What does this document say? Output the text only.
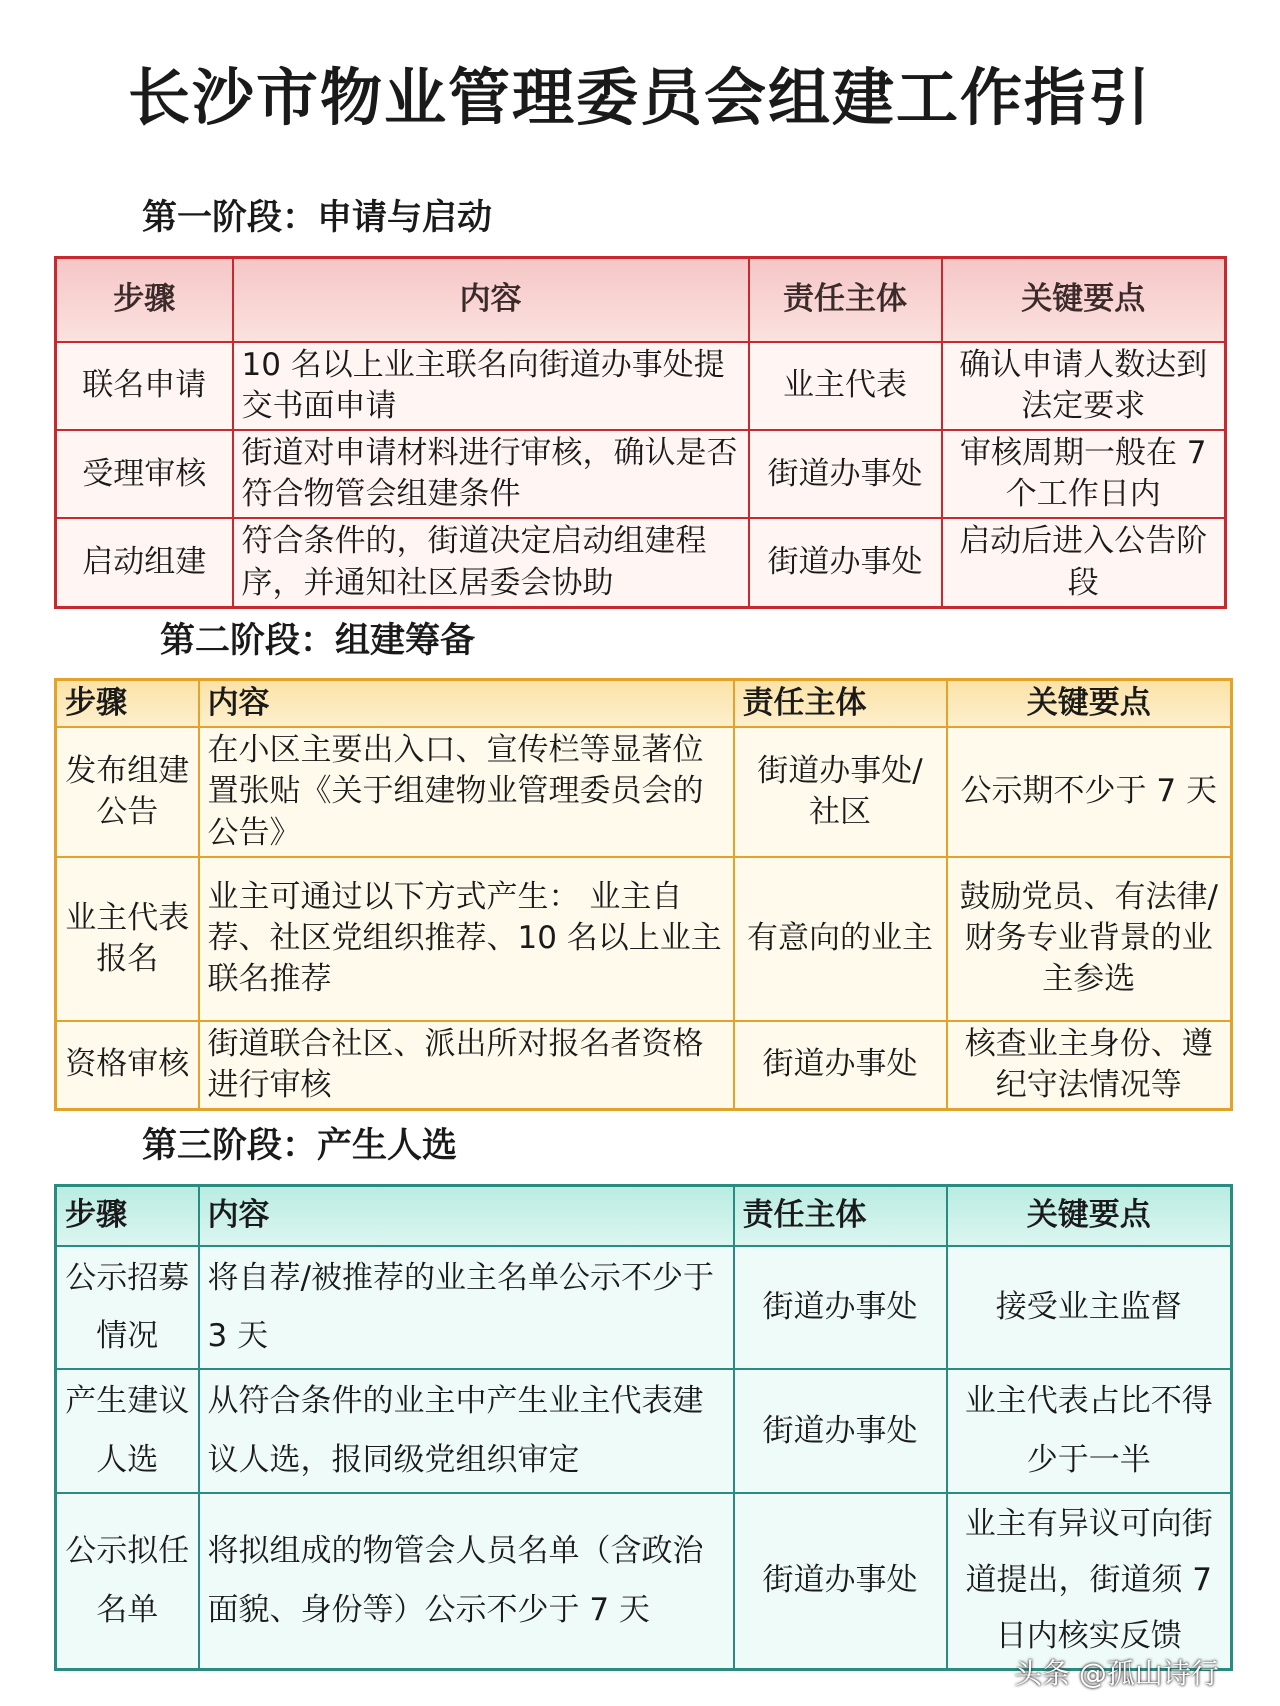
长沙市物业管理委员会组建工作指引
第一阶段：申请与启动
步骤	内容	责任主体	关键要点
联名申请	10 名以上业主联名向街道办事处提交书面申请	业主代表	确认申请人数达到法定要求
受理审核	街道对申请材料进行审核，确认是否符合物管会组建条件	街道办事处	审核周期一般在 7 个工作日内
启动组建	符合条件的，街道决定启动组建程序，并通知社区居委会协助	街道办事处	启动后进入公告阶段
第二阶段：组建筹备
步骤	内容	责任主体	关键要点
发布组建公告	在小区主要出入口、宣传栏等显著位置张贴《关于组建物业管理委员会的公告》	街道办事处/社区	公示期不少于 7 天
业主代表报名	业主可通过以下方式产生： 业主自荐、社区党组织推荐、10 名以上业主联名推荐	有意向的业主	鼓励党员、有法律/财务专业背景的业主参选
资格审核	街道联合社区、派出所对报名者资格进行审核	街道办事处	核查业主身份、遵纪守法情况等
第三阶段：产生人选
步骤	内容	责任主体	关键要点
公示招募情况	将自荐/被推荐的业主名单公示不少于 3 天	街道办事处	接受业主监督
产生建议人选	从符合条件的业主中产生业主代表建议人选，报同级党组织审定	街道办事处	业主代表占比不得少于一半
公示拟任名单	将拟组成的物管会人员名单（含政治面貌、身份等）公示不少于 7 天	街道办事处	业主有异议可向街道提出，街道须 7 日内核实反馈
头条 @孤山诗行
